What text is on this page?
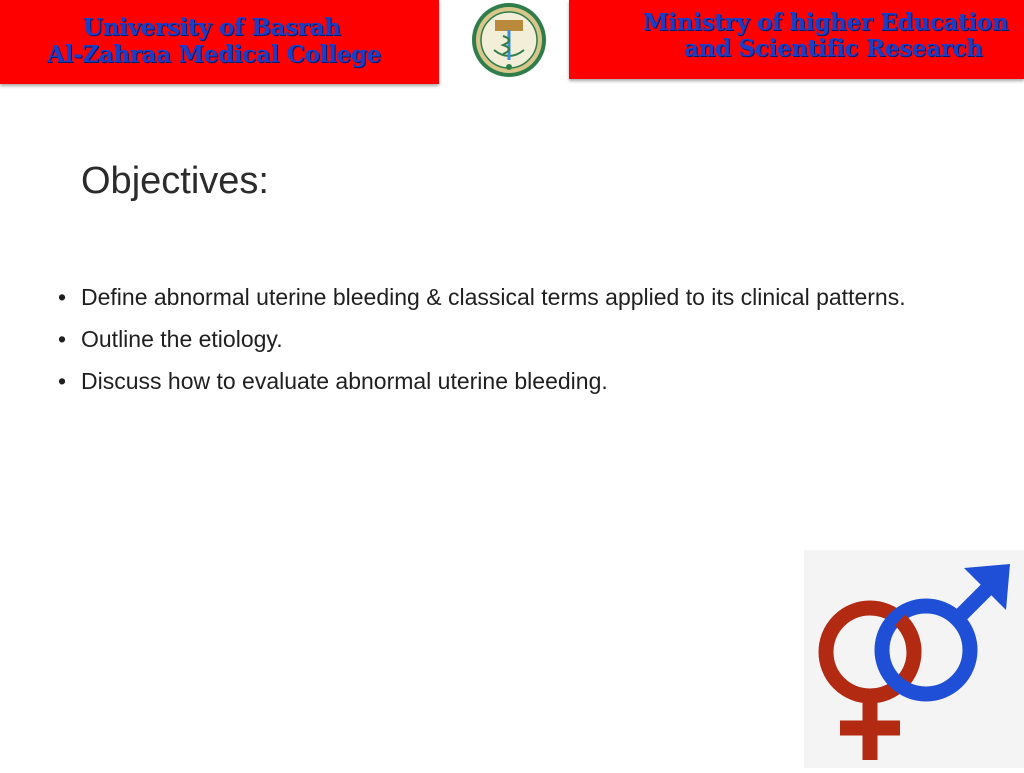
University of Basrah

Al-Zahraa Medical College

Ministry of higher Education

and Scientific Research

Objectives:
• Define abnormal uterine bleeding & classical terms applied to its clinical patterns.
• Outline the etiology.
• Discuss how to evaluate abnormal uterine bleeding.
